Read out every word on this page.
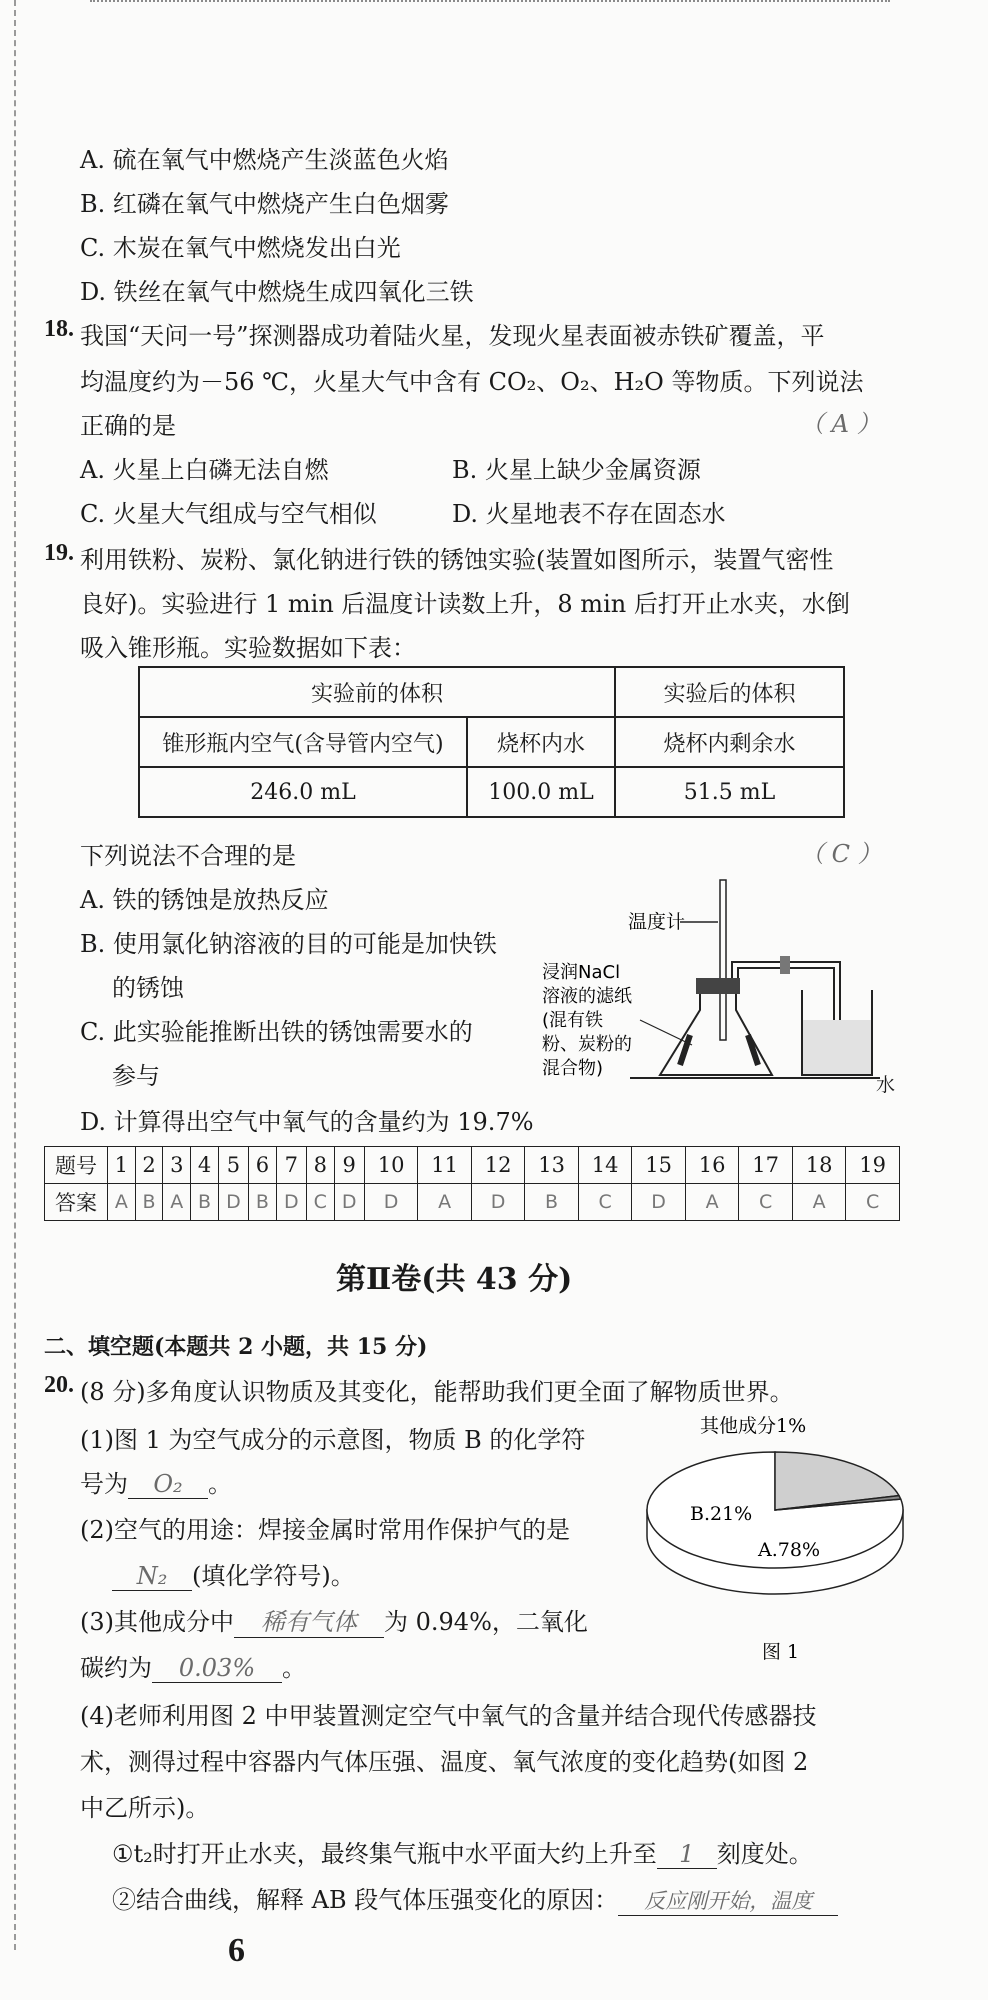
A. 硫在氧气中燃烧产生淡蓝色火焰
B. 红磷在氧气中燃烧产生白色烟雾
C. 木炭在氧气中燃烧发出白光
D. 铁丝在氧气中燃烧生成四氧化三铁
18. 我国“天问一号”探测器成功着陆火星，发现火星表面被赤铁矿覆盖，平
均温度约为－56 ℃，火星大气中含有 CO₂、O₂、H₂O 等物质。下列说法
正确的是	（ A ）
A. 火星上白磷无法自燃	B. 火星上缺少金属资源
C. 火星大气组成与空气相似	D. 火星地表不存在固态水
19. 利用铁粉、炭粉、氯化钠进行铁的锈蚀实验(装置如图所示，装置气密性
良好)。实验进行 1 min 后温度计读数上升，8 min 后打开止水夹，水倒
吸入锥形瓶。实验数据如下表：
实验前的体积		实验后的体积
锥形瓶内空气(含导管内空气)	烧杯内水	烧杯内剩余水
246.0 mL	100.0 mL	51.5 mL
下列说法不合理的是	（ C ）
A. 铁的锈蚀是放热反应
B. 使用氯化钠溶液的目的可能是加快铁
的锈蚀
C. 此实验能推断出铁的锈蚀需要水的
参与
D. 计算得出空气中氧气的含量约为 19.7%
温度计
浸润NaCl
溶液的滤纸
(混有铁
粉、炭粉的
混合物)
水
题号	1	2	3	4	5	6	7	8	9	10	11	12	13	14	15	16	17	18	19
答案	A	B	A	B	D	B	D	C	D	D	A	D	B	C	D	A	C	A	C
第Ⅱ卷(共 43 分)
二、填空题(本题共 2 小题，共 15 分)
20. (8 分)多角度认识物质及其变化，能帮助我们更全面了解物质世界。
(1)图 1 为空气成分的示意图，物质 B 的化学符
号为 O₂ 。
(2)空气的用途：焊接金属时常用作保护气的是
N₂ (填化学符号)。
(3)其他成分中 稀有气体 为 0.94%，二氧化
碳约为 0.03% 。
(4)老师利用图 2 中甲装置测定空气中氧气的含量并结合现代传感器技
术，测得过程中容器内气体压强、温度、氧气浓度的变化趋势(如图 2
中乙所示)。
①t₂时打开止水夹，最终集气瓶中水平面大约上升至 1 刻度处。
②结合曲线，解释 AB 段气体压强变化的原因： 反应刚开始，温度
其他成分1%
B.21%
A.78%
图 1
6
